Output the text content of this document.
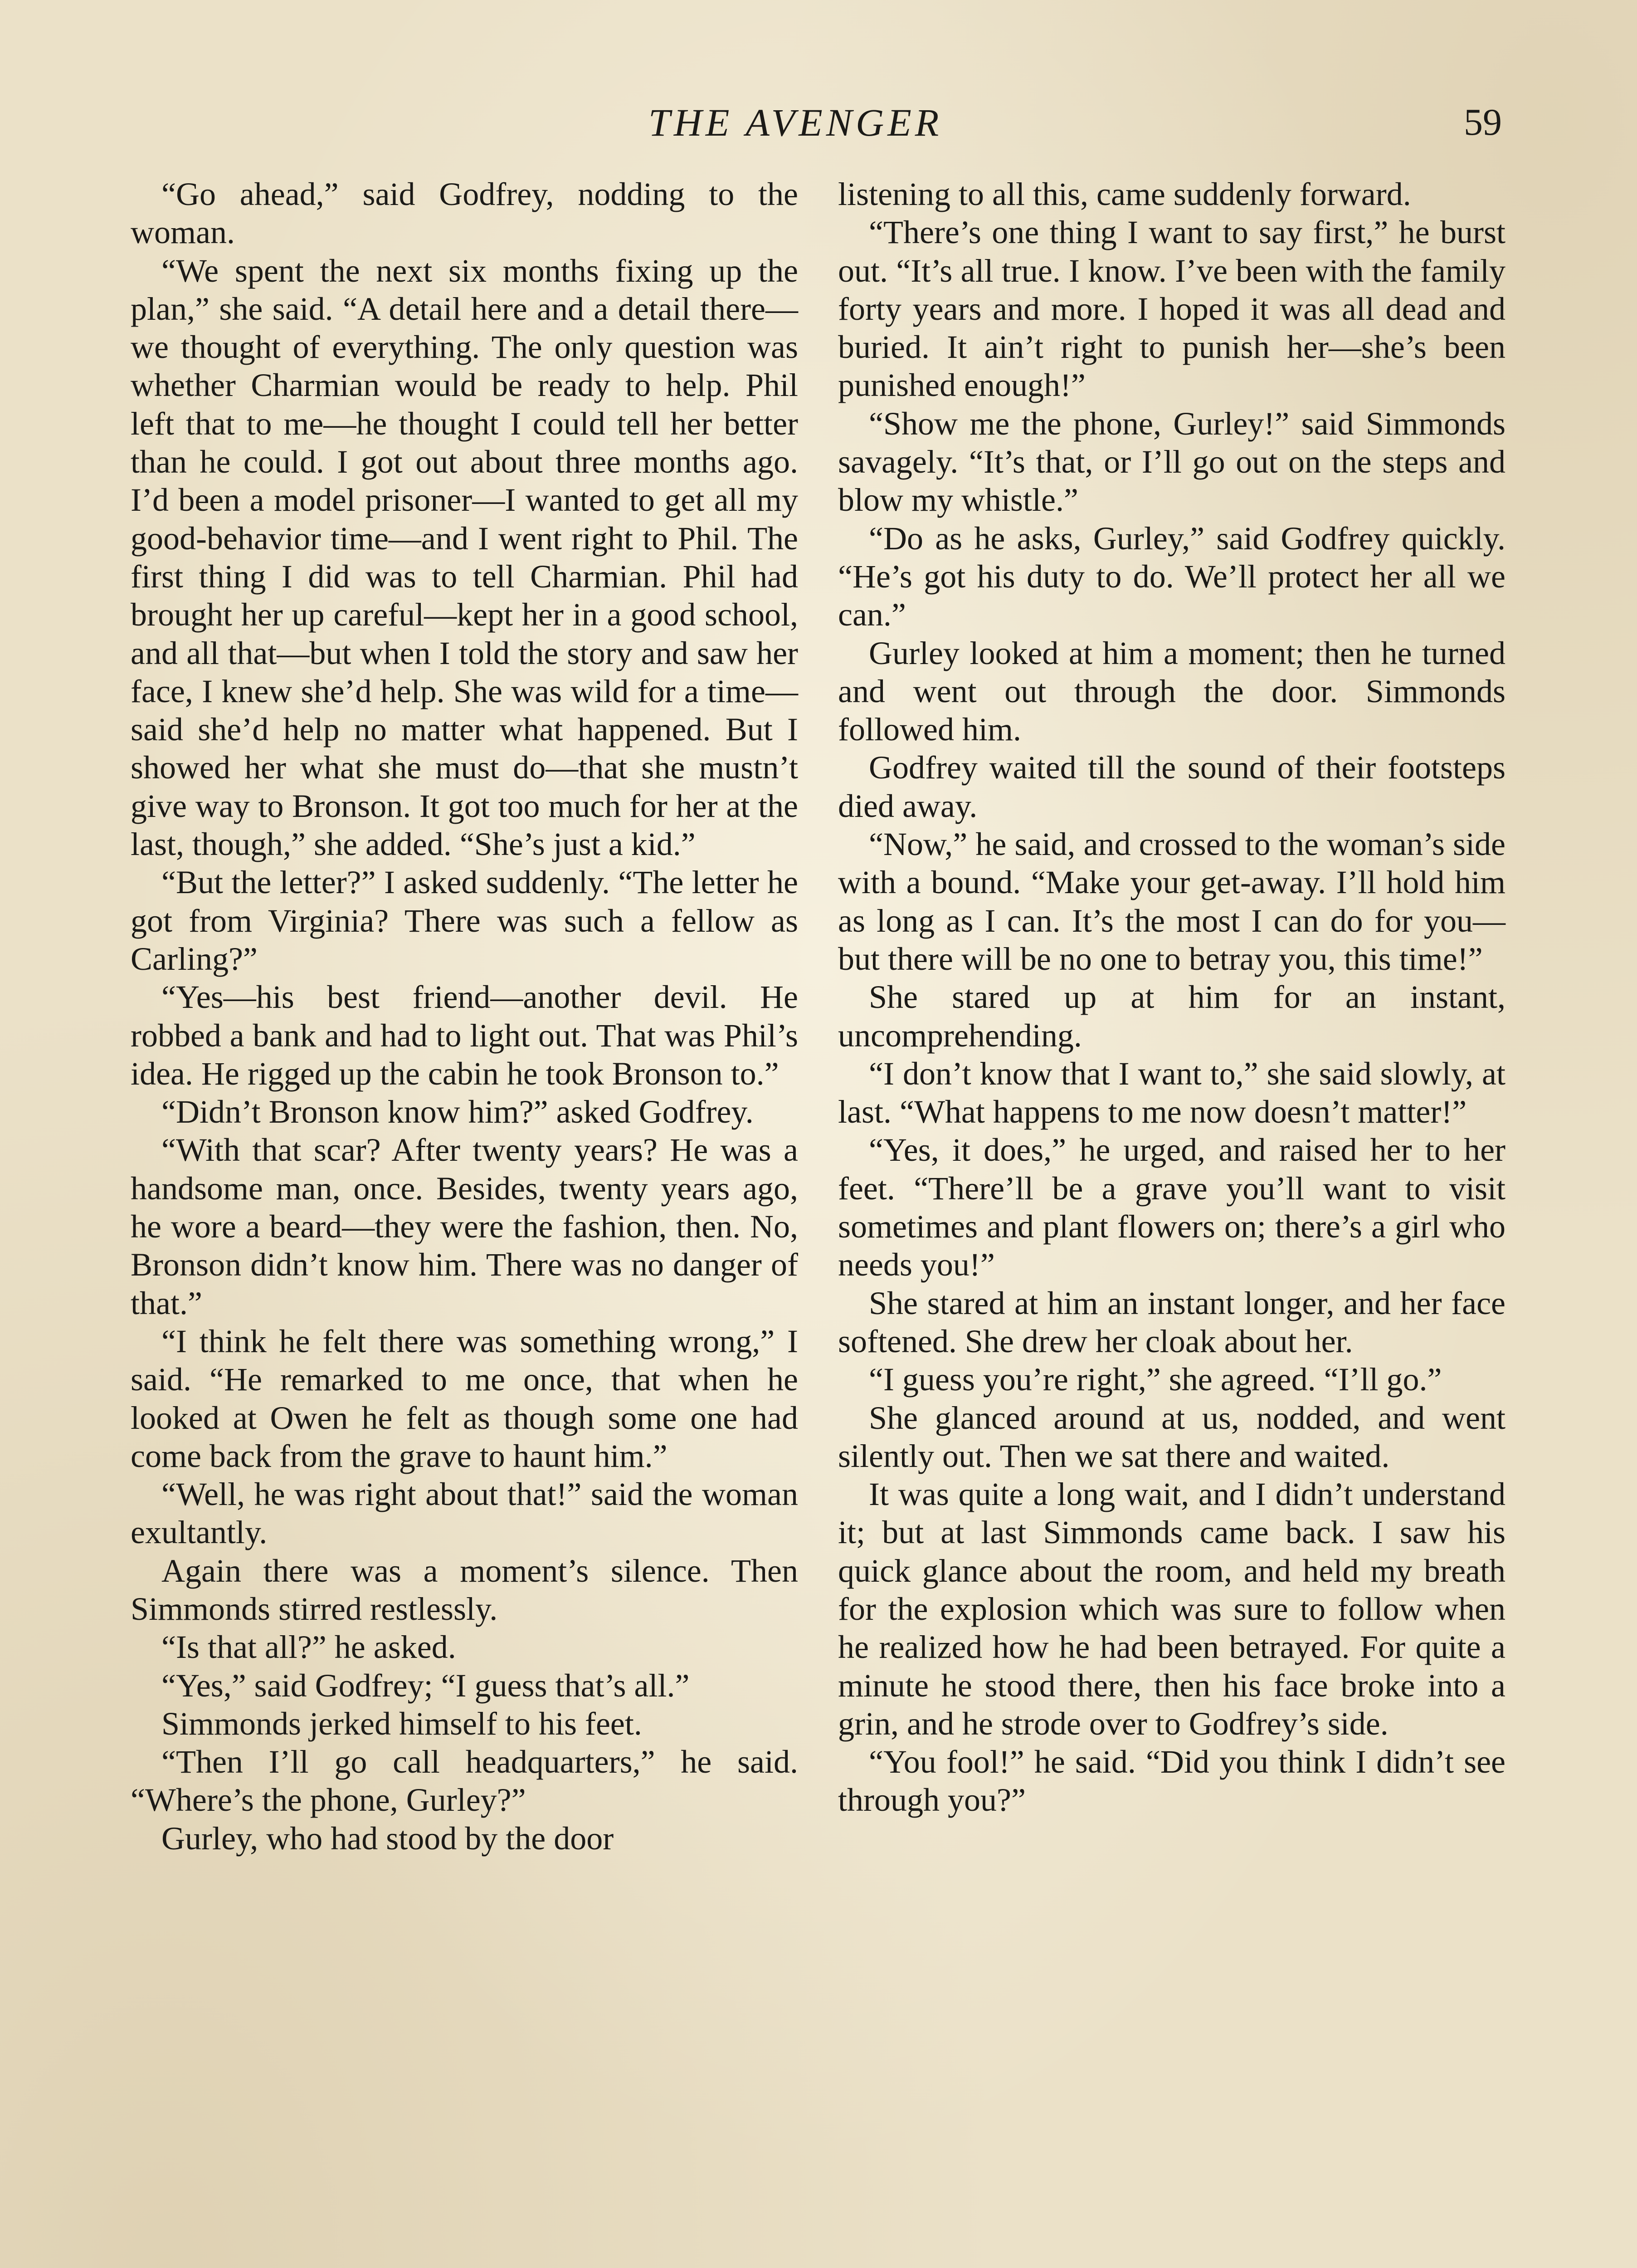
THE AVENGER	59

“Go ahead,” said Godfrey, nodding to the woman.

“We spent the next six months fixing up the plan,” she said. “A detail here and a detail there—we thought of everything. The only question was whether Charmian would be ready to help. Phil left that to me—he thought I could tell her better than he could. I got out about three months ago. I’d been a model prisoner—I wanted to get all my good-behavior time—and I went right to Phil. The first thing I did was to tell Charmian. Phil had brought her up careful—kept her in a good school, and all that—but when I told the story and saw her face, I knew she’d help. She was wild for a time—said she’d help no matter what happened. But I showed her what she must do—that she mustn’t give way to Bronson. It got too much for her at the last, though,” she added. “She’s just a kid.”

“But the letter?” I asked suddenly. “The letter he got from Virginia? There was such a fellow as Carling?”

“Yes—his best friend—another devil. He robbed a bank and had to light out. That was Phil’s idea. He rigged up the cabin he took Bronson to.”

“Didn’t Bronson know him?” asked Godfrey.

“With that scar? After twenty years? He was a handsome man, once. Besides, twenty years ago, he wore a beard—they were the fashion, then. No, Bronson didn’t know him. There was no danger of that.”

“I think he felt there was something wrong,” I said. “He remarked to me once, that when he looked at Owen he felt as though some one had come back from the grave to haunt him.”

“Well, he was right about that!” said the woman exultantly.

Again there was a moment’s silence. Then Simmonds stirred restlessly.

“Is that all?” he asked.

“Yes,” said Godfrey; “I guess that’s all.”

Simmonds jerked himself to his feet.

“Then I’ll go call headquarters,” he said. “Where’s the phone, Gurley?”

Gurley, who had stood by the door

listening to all this, came suddenly forward.

“There’s one thing I want to say first,” he burst out. “It’s all true. I know. I’ve been with the family forty years and more. I hoped it was all dead and buried. It ain’t right to punish her—she’s been punished enough!”

“Show me the phone, Gurley!” said Simmonds savagely. “It’s that, or I’ll go out on the steps and blow my whistle.”

“Do as he asks, Gurley,” said Godfrey quickly. “He’s got his duty to do. We’ll protect her all we can.”

Gurley looked at him a moment; then he turned and went out through the door. Simmonds followed him.

Godfrey waited till the sound of their footsteps died away.

“Now,” he said, and crossed to the woman’s side with a bound. “Make your get-away. I’ll hold him as long as I can. It’s the most I can do for you—but there will be no one to betray you, this time!”

She stared up at him for an instant, uncomprehending.

“I don’t know that I want to,” she said slowly, at last. “What happens to me now doesn’t matter!”

“Yes, it does,” he urged, and raised her to her feet. “There’ll be a grave you’ll want to visit sometimes and plant flowers on; there’s a girl who needs you!”

She stared at him an instant longer, and her face softened. She drew her cloak about her.

“I guess you’re right,” she agreed. “I’ll go.”

She glanced around at us, nodded, and went silently out. Then we sat there and waited.

It was quite a long wait, and I didn’t understand it; but at last Simmonds came back. I saw his quick glance about the room, and held my breath for the explosion which was sure to follow when he realized how he had been betrayed. For quite a minute he stood there, then his face broke into a grin, and he strode over to Godfrey’s side.

“You fool!” he said. “Did you think I didn’t see through you?”
